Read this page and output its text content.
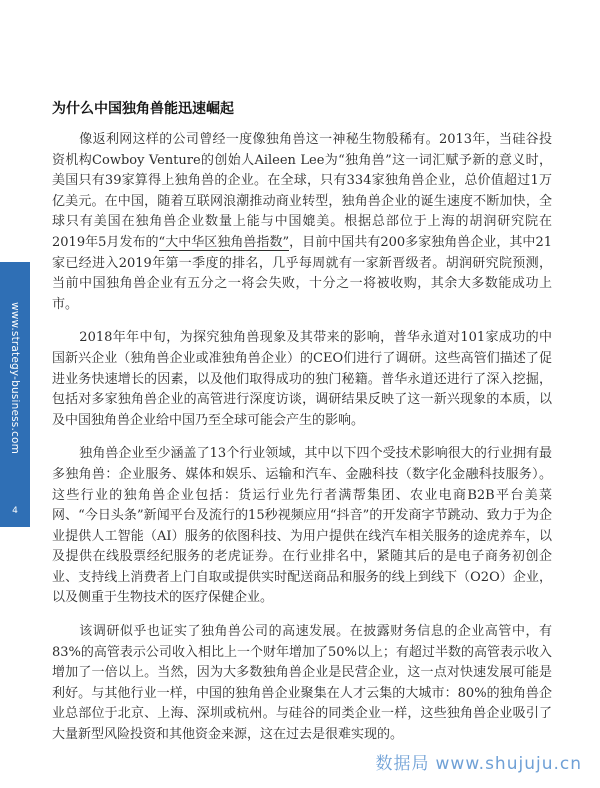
www.strategy-business.com
4
为什么中国独角兽能迅速崛起

像返利网这样的公司曾经一度像独角兽这一神秘生物般稀有。2013年，当硅谷投资机构Cowboy Venture的创始人Aileen Lee为“独角兽”这一词汇赋予新的意义时，美国只有39家算得上独角兽的企业。在全球，只有334家独角兽企业，总价值超过1万亿美元。在中国，随着互联网浪潮推动商业转型，独角兽企业的诞生速度不断加快，全球只有美国在独角兽企业数量上能与中国媲美。根据总部位于上海的胡润研究院在2019年5月发布的“大中华区独角兽指数”，目前中国共有200多家独角兽企业，其中21家已经进入2019年第一季度的排名，几乎每周就有一家新晋级者。胡润研究院预测，当前中国独角兽企业有五分之一将会失败，十分之一将被收购，其余大多数能成功上市。

2018年年中旬，为探究独角兽现象及其带来的影响，普华永道对101家成功的中国新兴企业（独角兽企业或准独角兽企业）的CEO们进行了调研。这些高管们描述了促进业务快速增长的因素，以及他们取得成功的独门秘籍。普华永道还进行了深入挖掘，包括对多家独角兽企业的高管进行深度访谈，调研结果反映了这一新兴现象的本质，以及中国独角兽企业给中国乃至全球可能会产生的影响。

独角兽企业至少涵盖了13个行业领域，其中以下四个受技术影响很大的行业拥有最多独角兽：企业服务、媒体和娱乐、运输和汽车、金融科技（数字化金融科技服务）。这些行业的独角兽企业包括：货运行业先行者满帮集团、农业电商B2B平台美菜网、“今日头条”新闻平台及流行的15秒视频应用“抖音”的开发商字节跳动、致力于为企业提供人工智能（AI）服务的依图科技、为用户提供在线汽车相关服务的途虎养车，以及提供在线股票经纪服务的老虎证券。在行业排名中，紧随其后的是电子商务初创企业、支持线上消费者上门自取或提供实时配送商品和服务的线上到线下（O2O）企业，以及侧重于生物技术的医疗保健企业。

该调研似乎也证实了独角兽公司的高速发展。在披露财务信息的企业高管中，有83%的高管表示公司收入相比上一个财年增加了50%以上；有超过半数的高管表示收入增加了一倍以上。当然，因为大多数独角兽企业是民营企业，这一点对快速发展可能是利好。与其他行业一样，中国的独角兽企业聚集在人才云集的大城市：80%的独角兽企业总部位于北京、上海、深圳或杭州。与硅谷的同类企业一样，这些独角兽企业吸引了大量新型风险投资和其他资金来源，这在过去是很难实现的。

数据局 www.shujuju.cn
